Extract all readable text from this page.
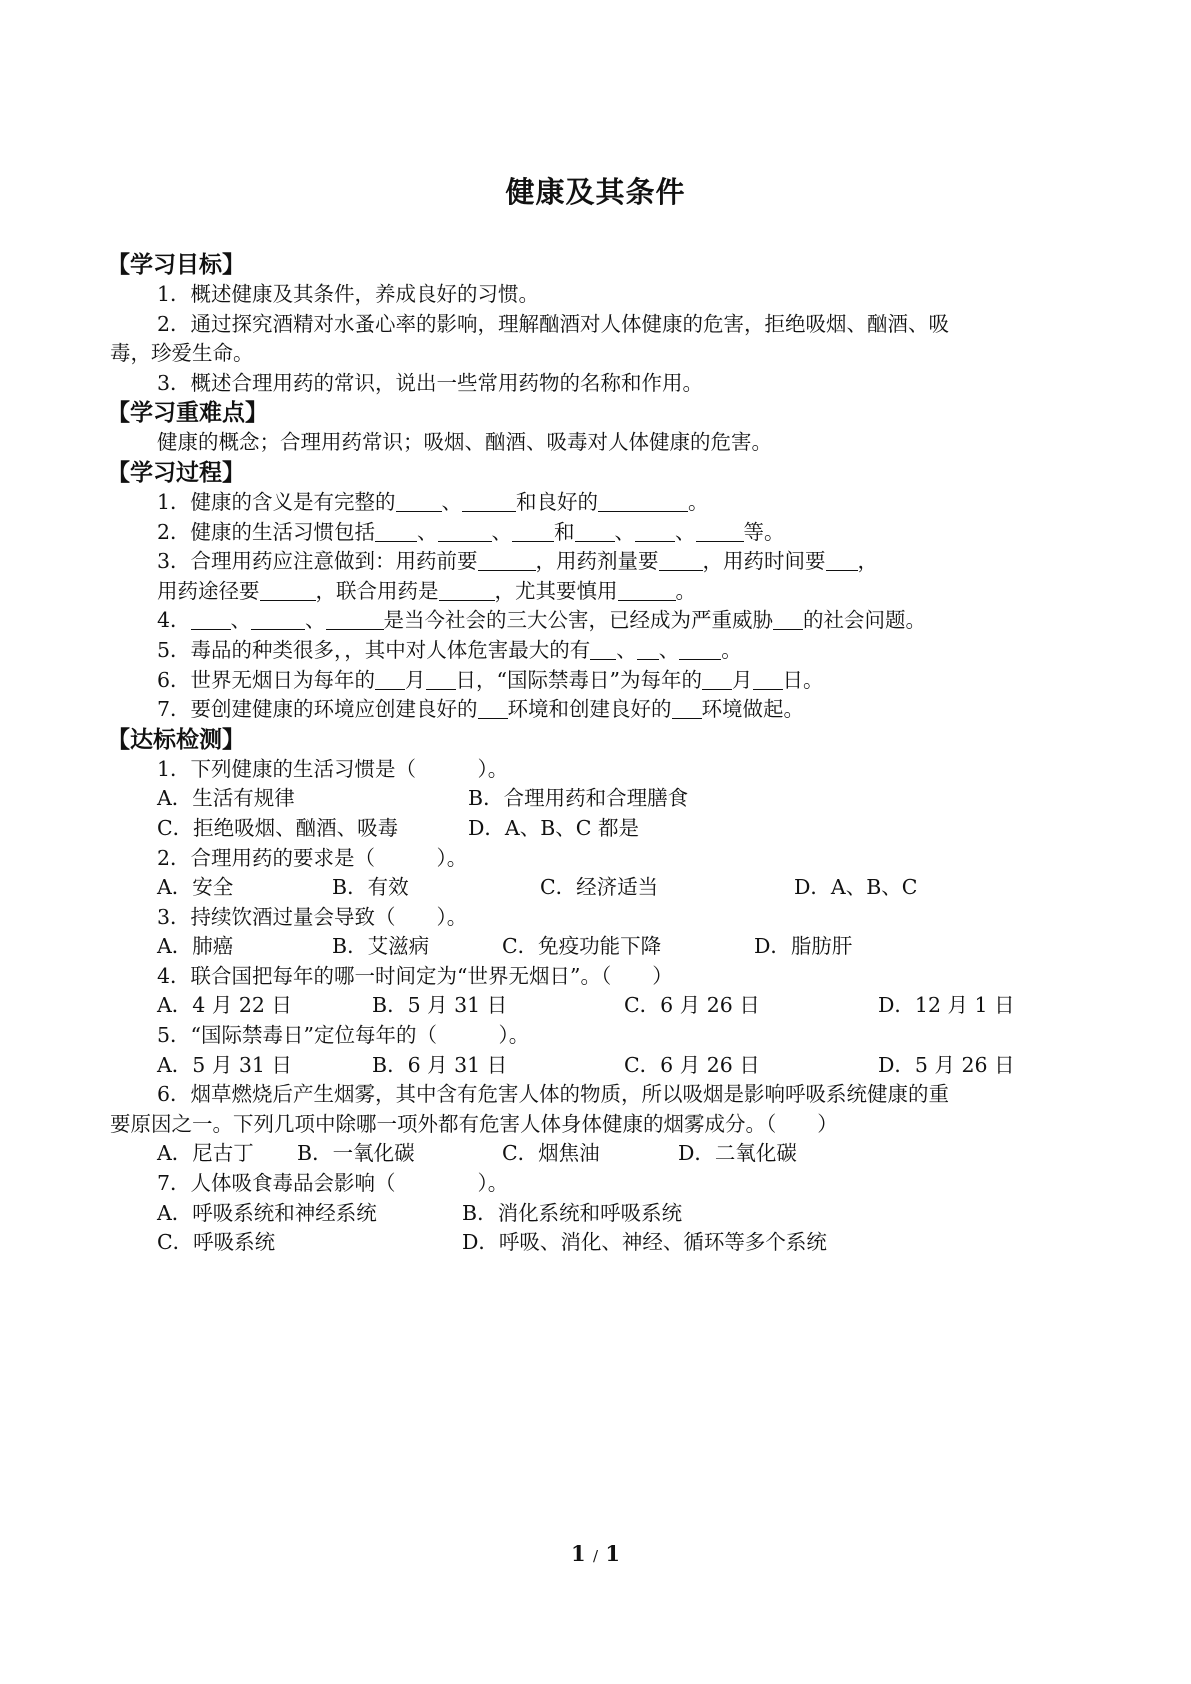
健康及其条件
【学习目标】
1．概述健康及其条件，养成良好的习惯。
2．通过探究酒精对水蚤心率的影响，理解酗酒对人体健康的危害，拒绝吸烟、酗酒、吸
毒，珍爱生命。
3．概述合理用药的常识，说出一些常用药物的名称和作用。
【学习重难点】
健康的概念；合理用药常识；吸烟、酗酒、吸毒对人体健康的危害。
【学习过程】
1．健康的含义是有完整的 、	和良好的	。
2．健康的生活习惯包括 、	、 和 、 、 等。
3．合理用药应注意做到：用药前要	，用药剂量要 ，用药时间要 ，
用药途径要	，联合用药是	，尤其要慎用	。
4． 、	、	是当今社会的三大公害，已经成为严重威胁 的社会问题。
5．毒品的种类很多，，其中对人体危害最大的有 、 、 。
6．世界无烟日为每年的 月 日，“国际禁毒日”为每年的 月 日。
7．要创建健康的环境应创建良好的 环境和创建良好的 环境做起。
【达标检测】
1．下列健康的生活习惯是（　　　）。
A．生活有规律	B．合理用药和合理膳食
C．拒绝吸烟、酗酒、吸毒	D．A、B、C 都是
2．合理用药的要求是（　　　）。
A．安全	B．有效	C．经济适当	D．A、B、C
3．持续饮酒过量会导致（　　）。
A．肺癌	B．艾滋病	C．免疫功能下降	D．脂肪肝
4．联合国把每年的哪一时间定为“世界无烟日”。（　　）
A．4 月 22 日	B．5 月 31 日	C．6 月 26 日	D．12 月 1 日
5．“国际禁毒日”定位每年的（　　　）。
A．5 月 31 日	B．6 月 31 日	C．6 月 26 日	D．5 月 26 日
6．烟草燃烧后产生烟雾，其中含有危害人体的物质，所以吸烟是影响呼吸系统健康的重
要原因之一。下列几项中除哪一项外都有危害人体身体健康的烟雾成分。（　　）
A．尼古丁 B．一氧化碳	C．烟焦油	D．二氧化碳
7．人体吸食毒品会影响（　　　　）。
A．呼吸系统和神经系统	B．消化系统和呼吸系统
C．呼吸系统	D．呼吸、消化、神经、循环等多个系统
1 / 1
